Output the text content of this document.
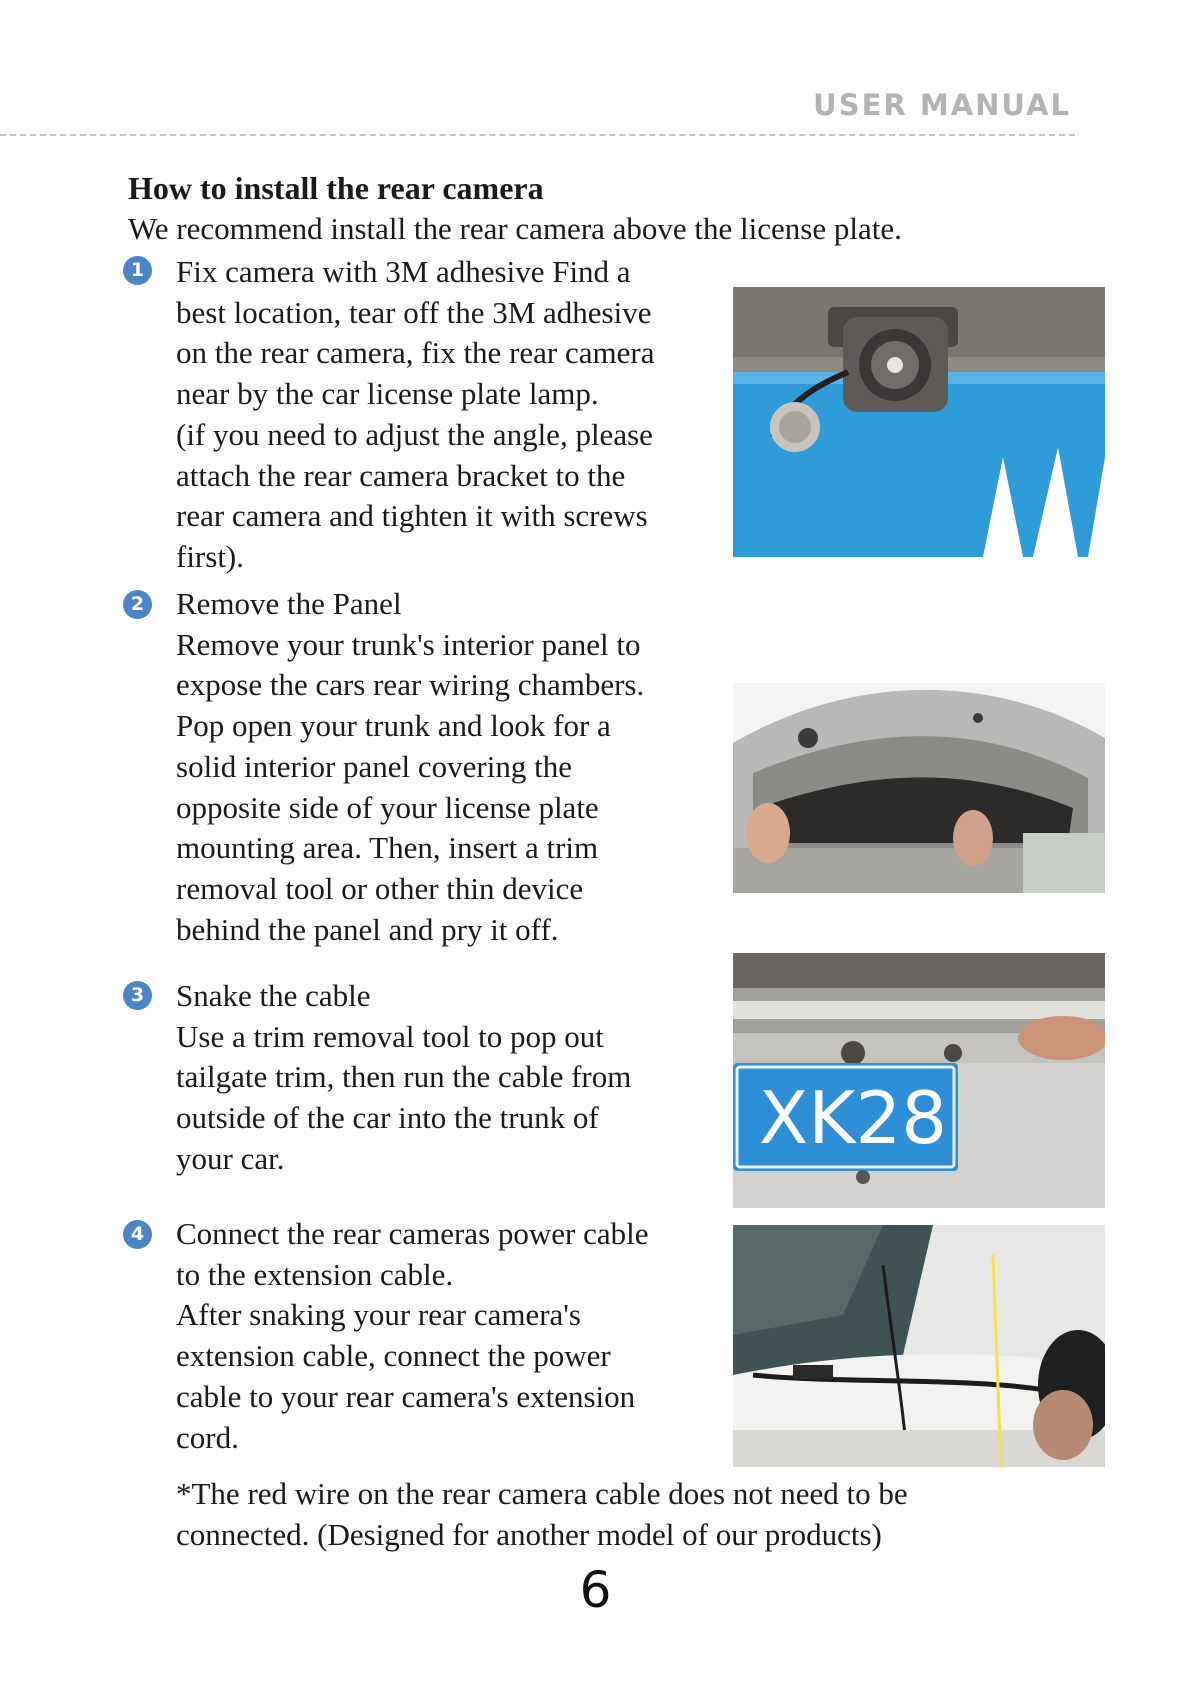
USER MANUAL
How to install the rear camera
We recommend install the rear camera above the license plate.
1 Fix camera with 3M adhesive Find a

best location, tear off the 3M adhesive

on the rear camera, fix the rear camera

near by the car license plate lamp.

(if you need to adjust the angle, please

attach the rear camera bracket to the

rear camera and tighten it with screws

first).

2 Remove the Panel

Remove your trunk's interior panel to

expose the cars rear wiring chambers.

Pop open your trunk and look for a

solid interior panel covering the

opposite side of your license plate

mounting area. Then, insert a trim

removal tool or other thin device

behind the panel and pry it off.

3 Snake the cable

Use a trim removal tool to pop out

tailgate trim, then run the cable from

outside of the car into the trunk of

your car.

4 Connect the rear cameras power cable

to the extension cable.

After snaking your rear camera's

extension cable, connect the power

cable to your rear camera's extension

cord.

*The red wire on the rear camera cable does not need to be

connected. (Designed for another model of our products)

XK28
6
